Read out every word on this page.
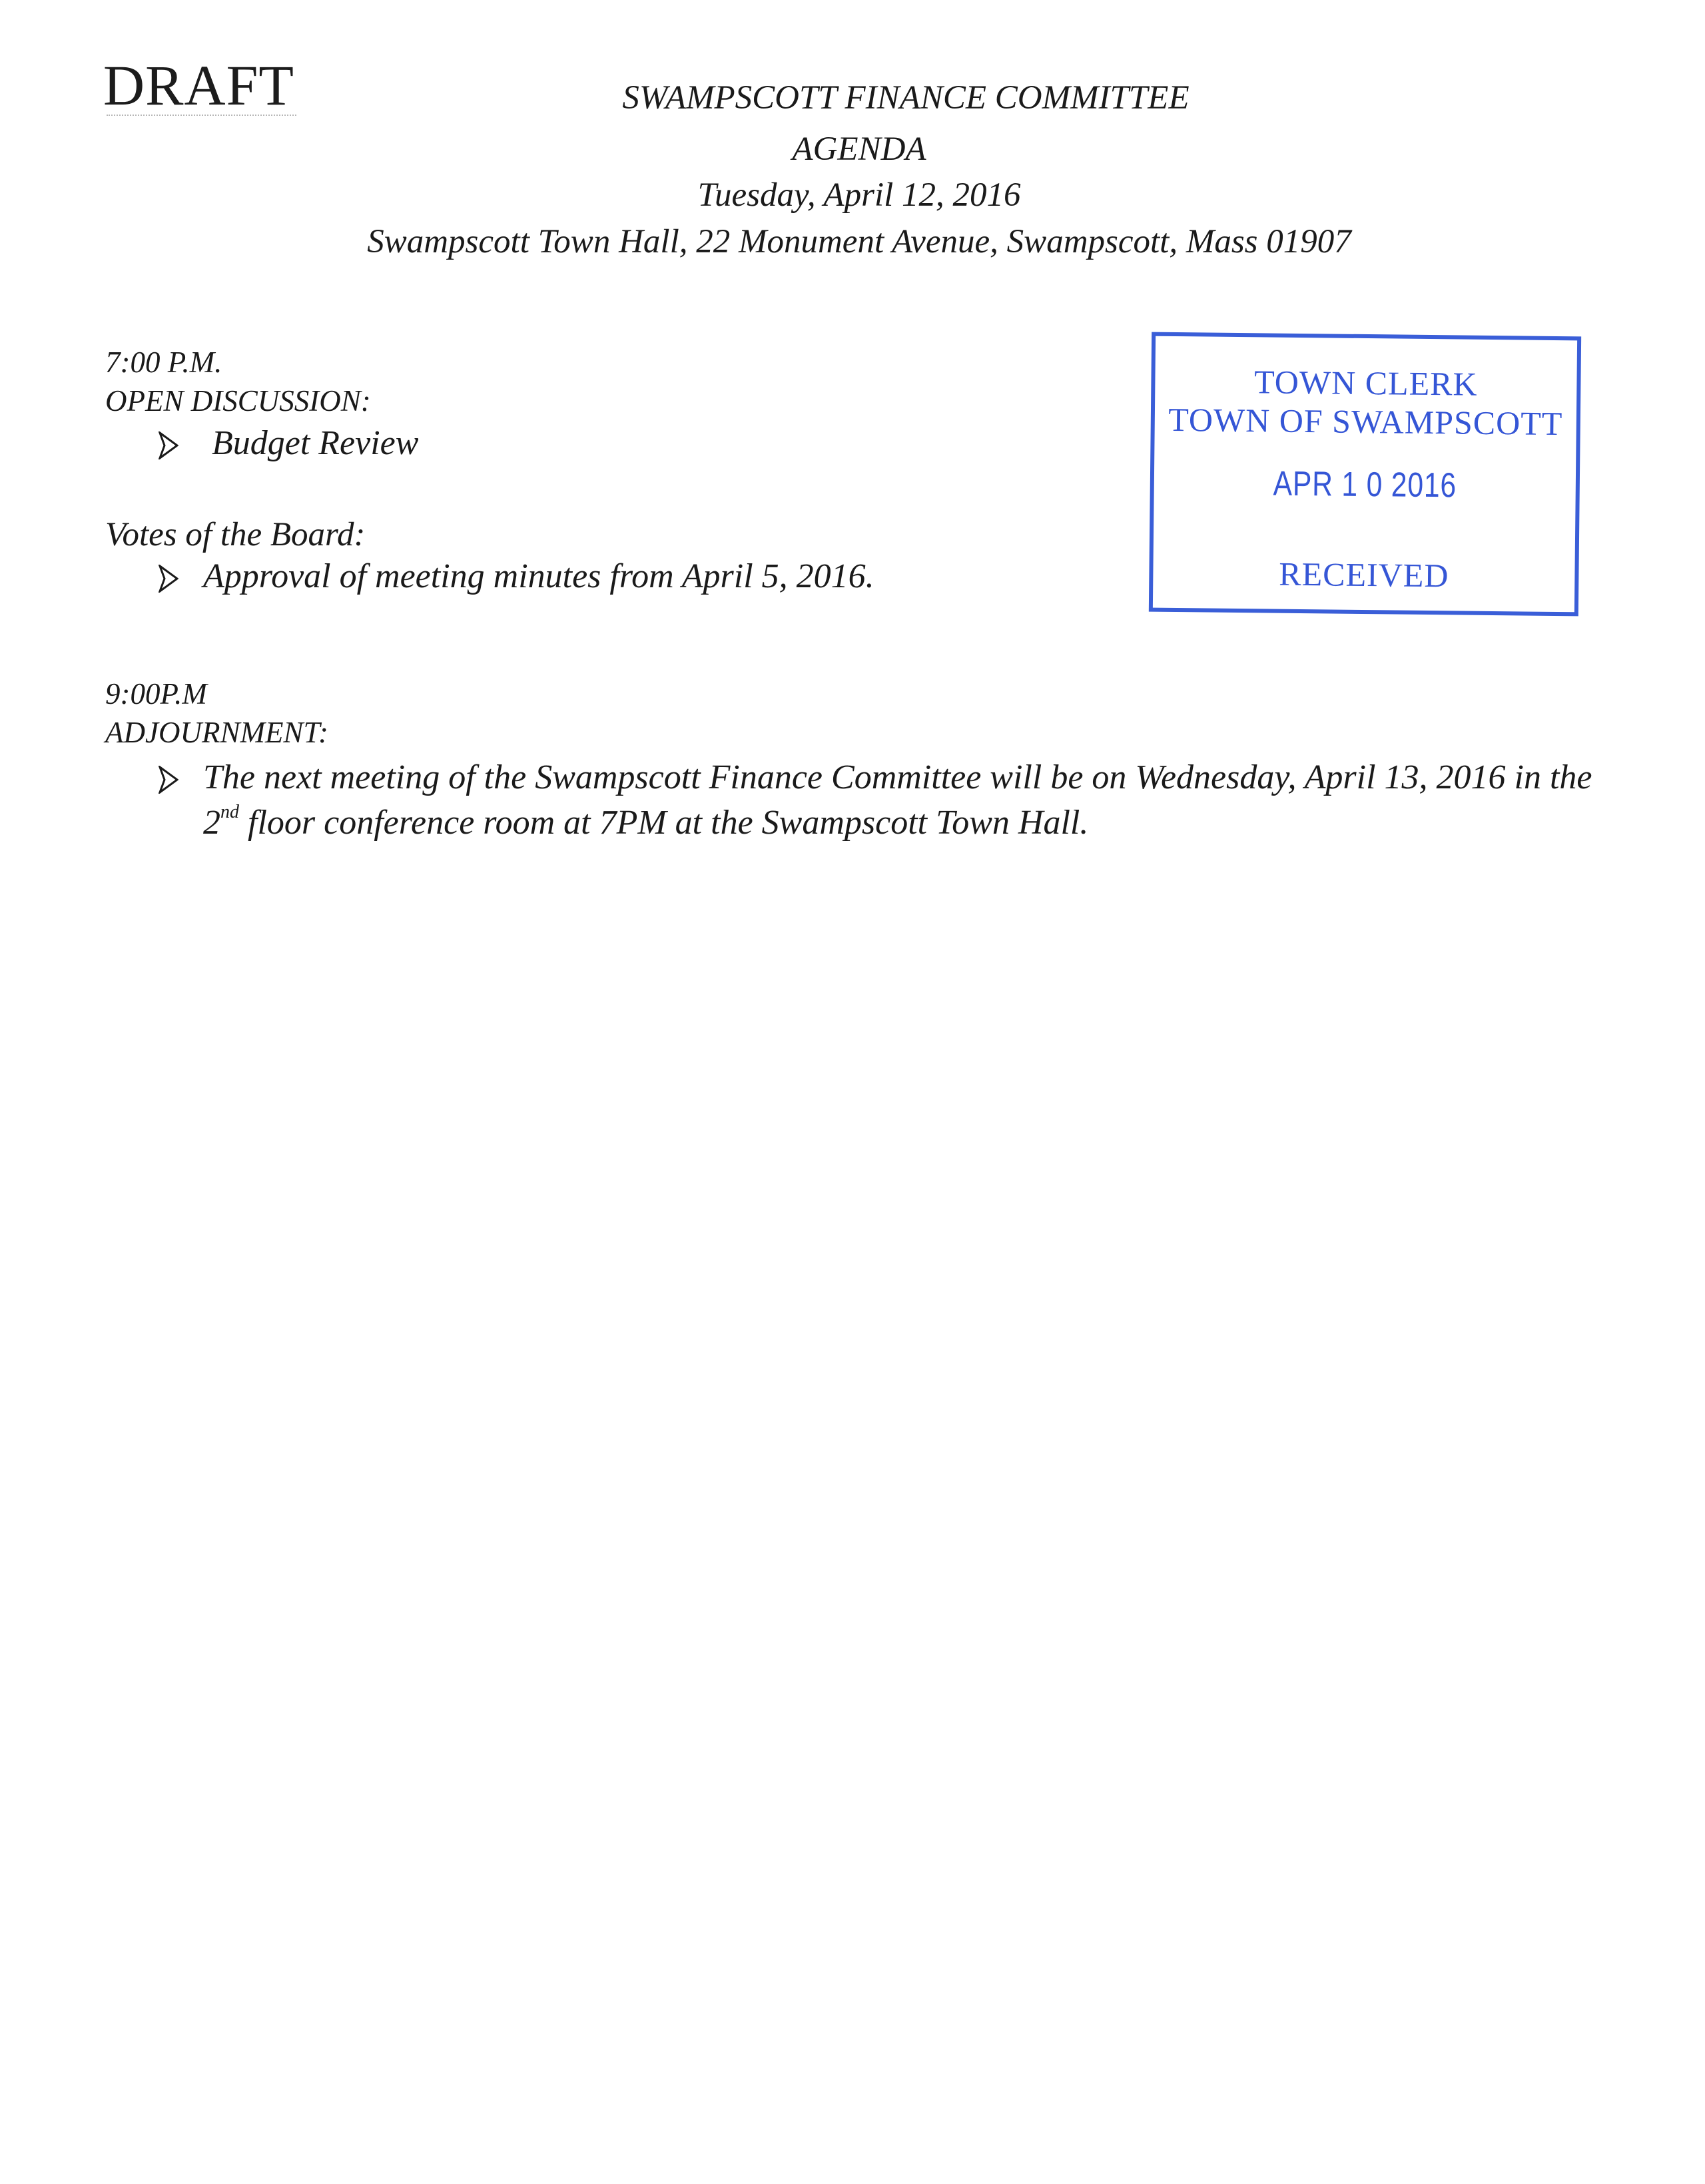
DRAFT	SWAMPSCOTT FINANCE COMMITTEE
AGENDA
Tuesday, April 12, 2016
Swampscott Town Hall, 22 Monument Avenue, Swampscott, Mass 01907
TOWN CLERK
TOWN OF SWAMPSCOTT
APR 1 0 2016
RECEIVED
7:00 P.M.
OPEN DISCUSSION:
Budget Review
Votes of the Board:
Approval of meeting minutes from April 5, 2016.
9:00P.M
ADJOURNMENT:
The next meeting of the Swampscott Finance Committee will be on Wednesday, April 13, 2016 in the 2nd floor conference room at 7PM at the Swampscott Town Hall.
